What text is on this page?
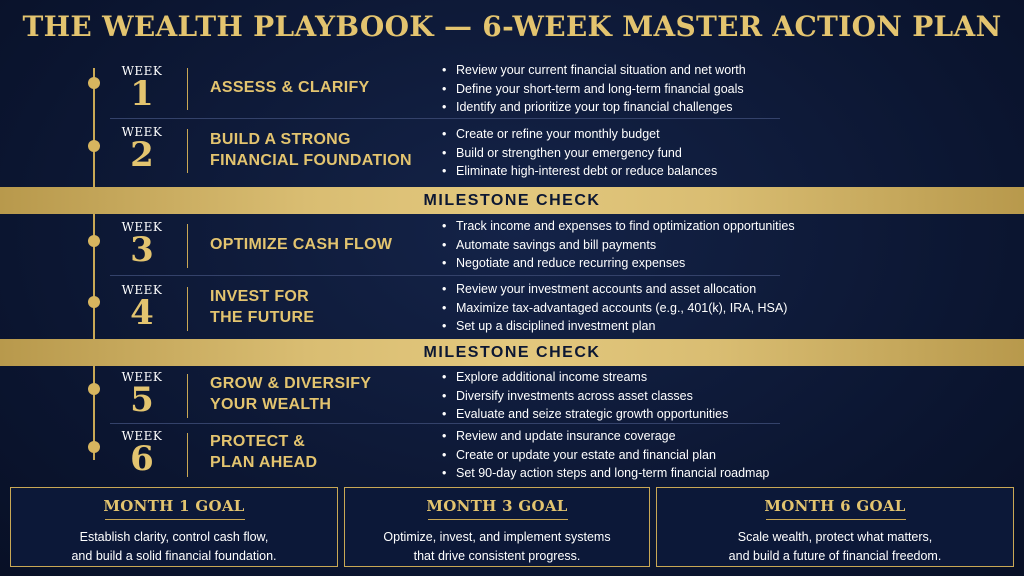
THE WEALTH PLAYBOOK — 6-WEEK MASTER ACTION PLAN
WEEK
1	ASSESS & CLARIFY
• Review your current financial situation and net worth
• Define your short-term and long-term financial goals
• Identify and prioritize your top financial challenges
WEEK
2	BUILD A STRONG
FINANCIAL FOUNDATION
• Create or refine your monthly budget
• Build or strengthen your emergency fund
• Eliminate high-interest debt or reduce balances
MILESTONE CHECK
WEEK
3	OPTIMIZE CASH FLOW
• Track income and expenses to find optimization opportunities
• Automate savings and bill payments
• Negotiate and reduce recurring expenses
WEEK
4	INVEST FOR
THE FUTURE
• Review your investment accounts and asset allocation
• Maximize tax-advantaged accounts (e.g., 401(k), IRA, HSA)
• Set up a disciplined investment plan
MILESTONE CHECK
WEEK
5	GROW & DIVERSIFY
YOUR WEALTH
• Explore additional income streams
• Diversify investments across asset classes
• Evaluate and seize strategic growth opportunities
WEEK
6	PROTECT &
PLAN AHEAD
• Review and update insurance coverage
• Create or update your estate and financial plan
• Set 90-day action steps and long-term financial roadmap
MONTH 1 GOAL
Establish clarity, control cash flow,
and build a solid financial foundation.
MONTH 3 GOAL
Optimize, invest, and implement systems
that drive consistent progress.
MONTH 6 GOAL
Scale wealth, protect what matters,
and build a future of financial freedom.
